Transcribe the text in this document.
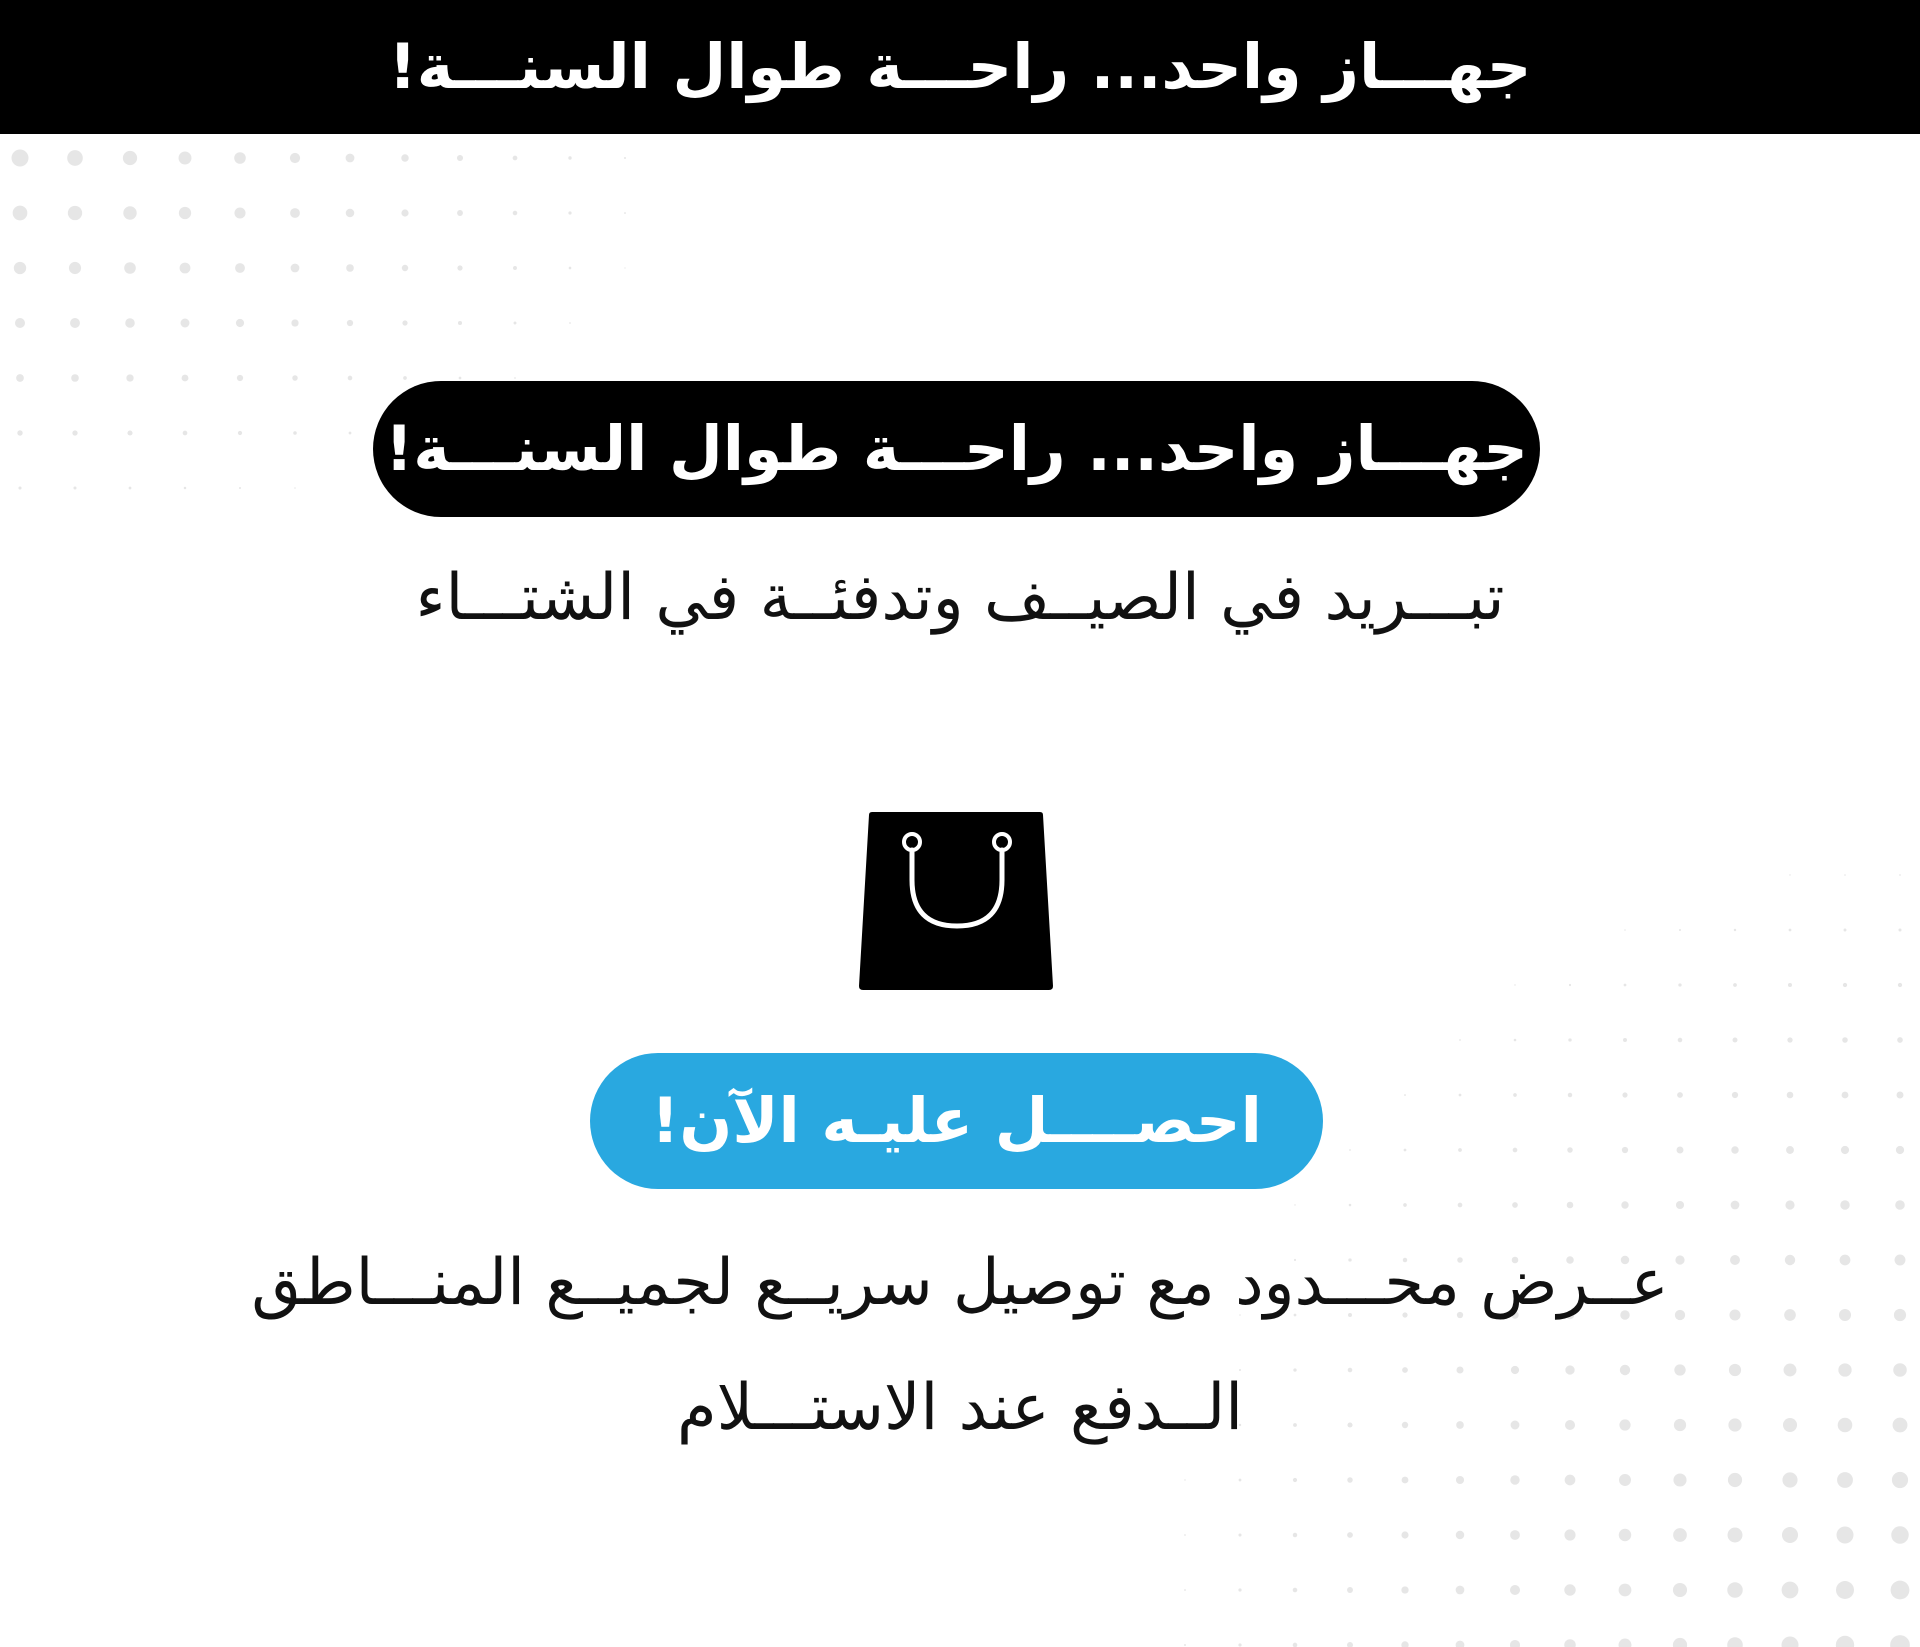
جهـــاز واحد... راحـــة طوال السنـــة!
جهـــاز واحد... راحـــة طوال السنـــة!
تبـــريد في الصيــف وتدفئــة في الشتـــاء
احصــــل عليـه الآن!
عــرض محـــدود مع توصيل سريــع لجميــع المنـــاطق
الــدفع عند الاستـــلام
